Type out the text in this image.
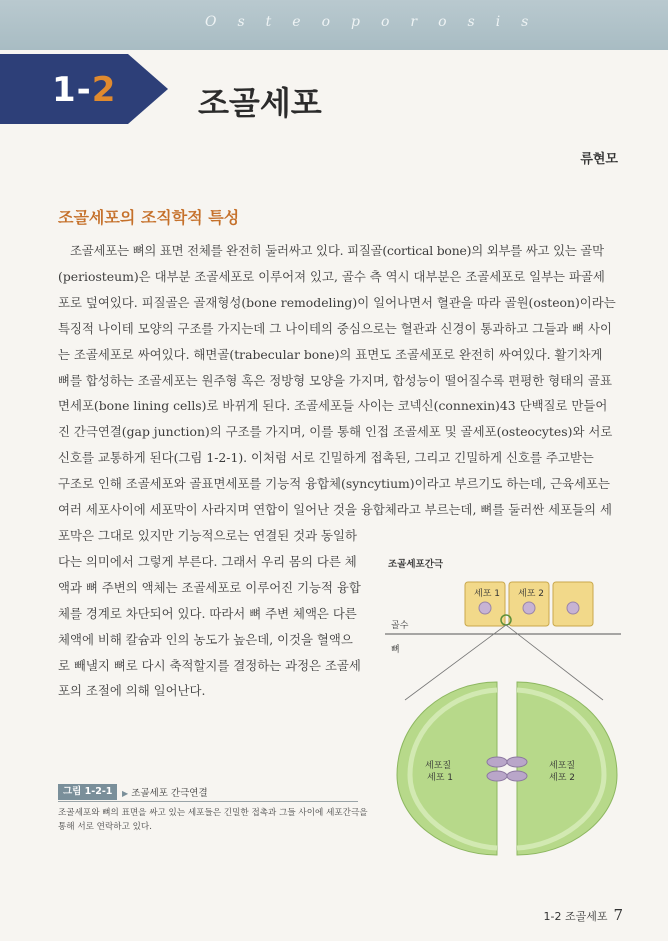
Osteoporosis
1-2	조골세포
류현모
조골세포의 조직학적 특성
조골세포는 뼈의 표면 전체를 완전히 둘러싸고 있다. 피질골(cortical bone)의 외부를 싸고 있는 골막
(periosteum)은 대부분 조골세포로 이루어져 있고, 골수 측 역시 대부분은 조골세포로 일부는 파골세
포로 덮여있다. 피질골은 골재형성(bone remodeling)이 일어나면서 혈관을 따라 골원(osteon)이라는
특징적 나이테 모양의 구조를 가지는데 그 나이테의 중심으로는 혈관과 신경이 통과하고 그들과 뼈 사이
는 조골세포로 싸여있다. 해면골(trabecular bone)의 표면도 조골세포로 완전히 싸여있다. 활기차게
뼈를 합성하는 조골세포는 원주형 혹은 정방형 모양을 가지며, 합성능이 떨어질수록 편평한 형태의 골표
면세포(bone lining cells)로 바뀌게 된다. 조골세포들 사이는 코넥신(connexin)43 단백질로 만들어
진 간극연결(gap junction)의 구조를 가지며, 이를 통해 인접 조골세포 및 골세포(osteocytes)와 서로
신호를 교통하게 된다(그림 1-2-1). 이처럼 서로 긴밀하게 접촉된, 그리고 긴밀하게 신호를 주고받는
구조로 인해 조골세포와 골표면세포를 기능적 융합체(syncytium)이라고 부르기도 하는데, 근육세포는
여러 세포사이에 세포막이 사라지며 연합이 일어난 것을 융합체라고 부르는데, 뼈를 둘러싼 세포들의 세
포막은 그대로 있지만 기능적으로는 연결된 것과 동일하
다는 의미에서 그렇게 부른다. 그래서 우리 몸의 다른 체
액과 뼈 주변의 액체는 조골세포로 이루어진 기능적 융합
체를 경계로 차단되어 있다. 따라서 뼈 주변 체액은 다른
체액에 비해 칼슘과 인의 농도가 높은데, 이것을 혈액으
로 빼낼지 뼈로 다시 축적할지를 결정하는 과정은 조골세
포의 조절에 의해 일어난다.
조골세포간극
세포 1 세포 2
골수
뼈
세포질
세포 1
세포질
세포 2
그림 1-2-1	▶ 조골세포 간극연결
조골세포와 뼈의 표면을 싸고 있는 세포들은 긴밀한 접촉과 그들 사이에 세포간극을
통해 서로 연락하고 있다.
1-2 조골세포 7
